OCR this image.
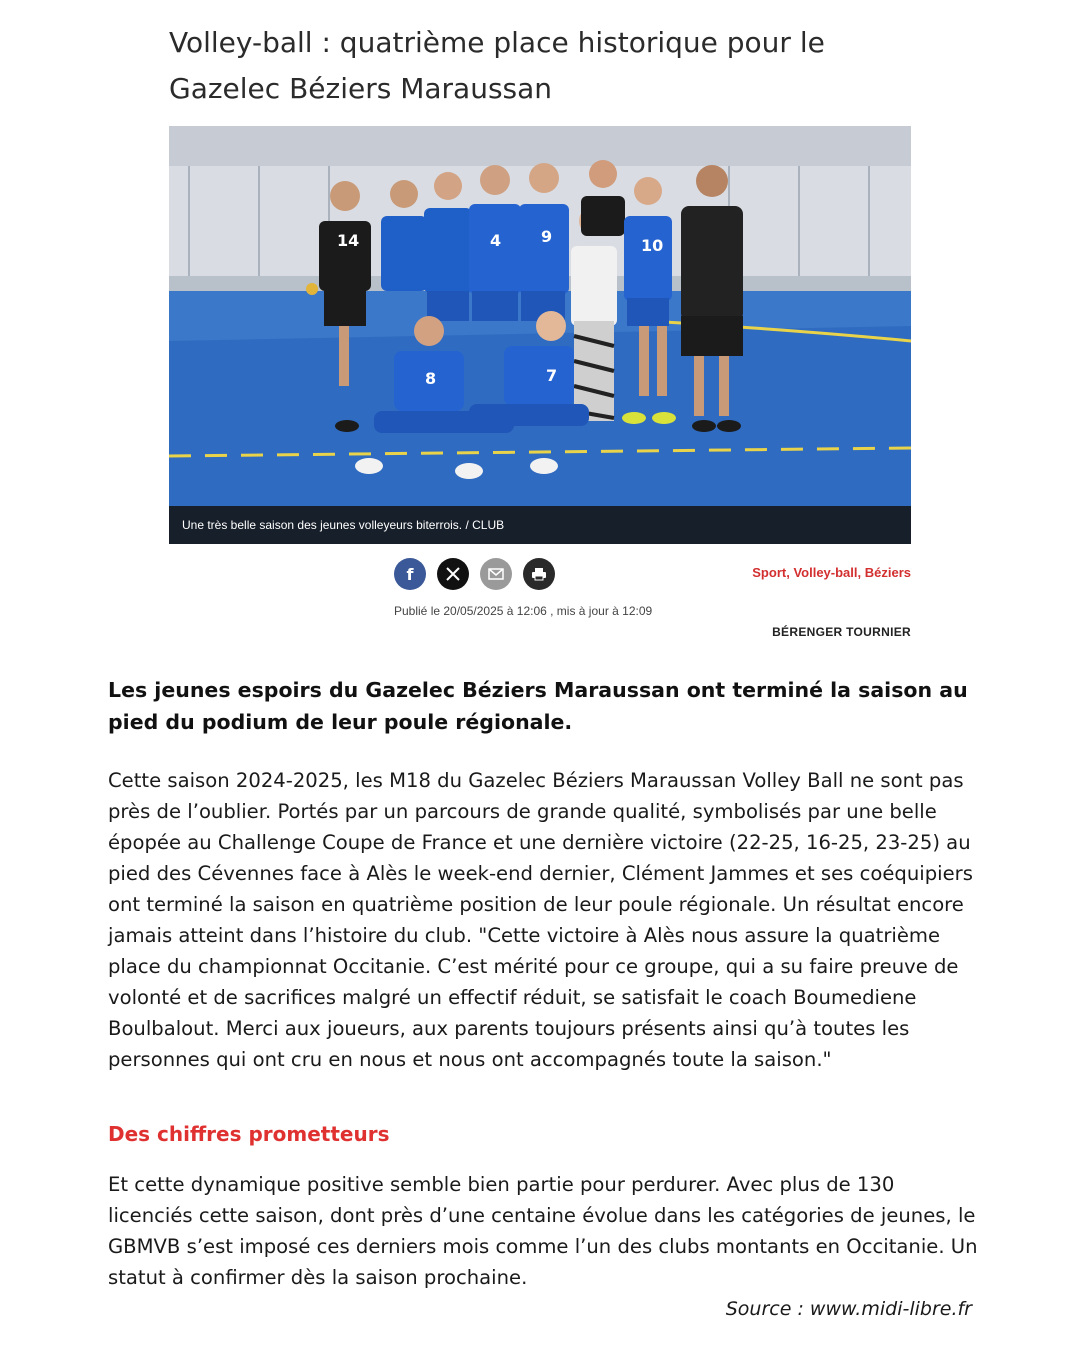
Volley-ball : quatrième place historique pour le Gazelec Béziers Maraussan
14	4 9	10
8	7
Une très belle saison des jeunes volleyeurs biterrois. / CLUB
f	Sport, Volley-ball, Béziers
Publié le 20/05/2025 à 12:06 , mis à jour à 12:09
BÉRENGER TOURNIER

Les jeunes espoirs du Gazelec Béziers Maraussan ont terminé la saison au pied du podium de leur poule régionale.

Cette saison 2024-2025, les M18 du Gazelec Béziers Maraussan Volley Ball ne sont pas près de l’oublier. Portés par un parcours de grande qualité, symbolisés par une belle épopée au Challenge Coupe de France et une dernière victoire (22-25, 16-25, 23-25) au pied des Cévennes face à Alès le week-end dernier, Clément Jammes et ses coéquipiers ont terminé la saison en quatrième position de leur poule régionale. Un résultat encore jamais atteint dans l’histoire du club. "Cette victoire à Alès nous assure la quatrième place du championnat Occitanie. C’est mérité pour ce groupe, qui a su faire preuve de volonté et de sacrifices malgré un effectif réduit, se satisfait le coach Boumediene Boulbalout. Merci aux joueurs, aux parents toujours présents ainsi qu’à toutes les personnes qui ont cru en nous et nous ont accompagnés toute la saison."

Des chiffres prometteurs

Et cette dynamique positive semble bien partie pour perdurer. Avec plus de 130 licenciés cette saison, dont près d’une centaine évolue dans les catégories de jeunes, le GBMVB s’est imposé ces derniers mois comme l’un des clubs montants en Occitanie. Un statut à confirmer dès la saison prochaine.

Source : www.midi-libre.fr
